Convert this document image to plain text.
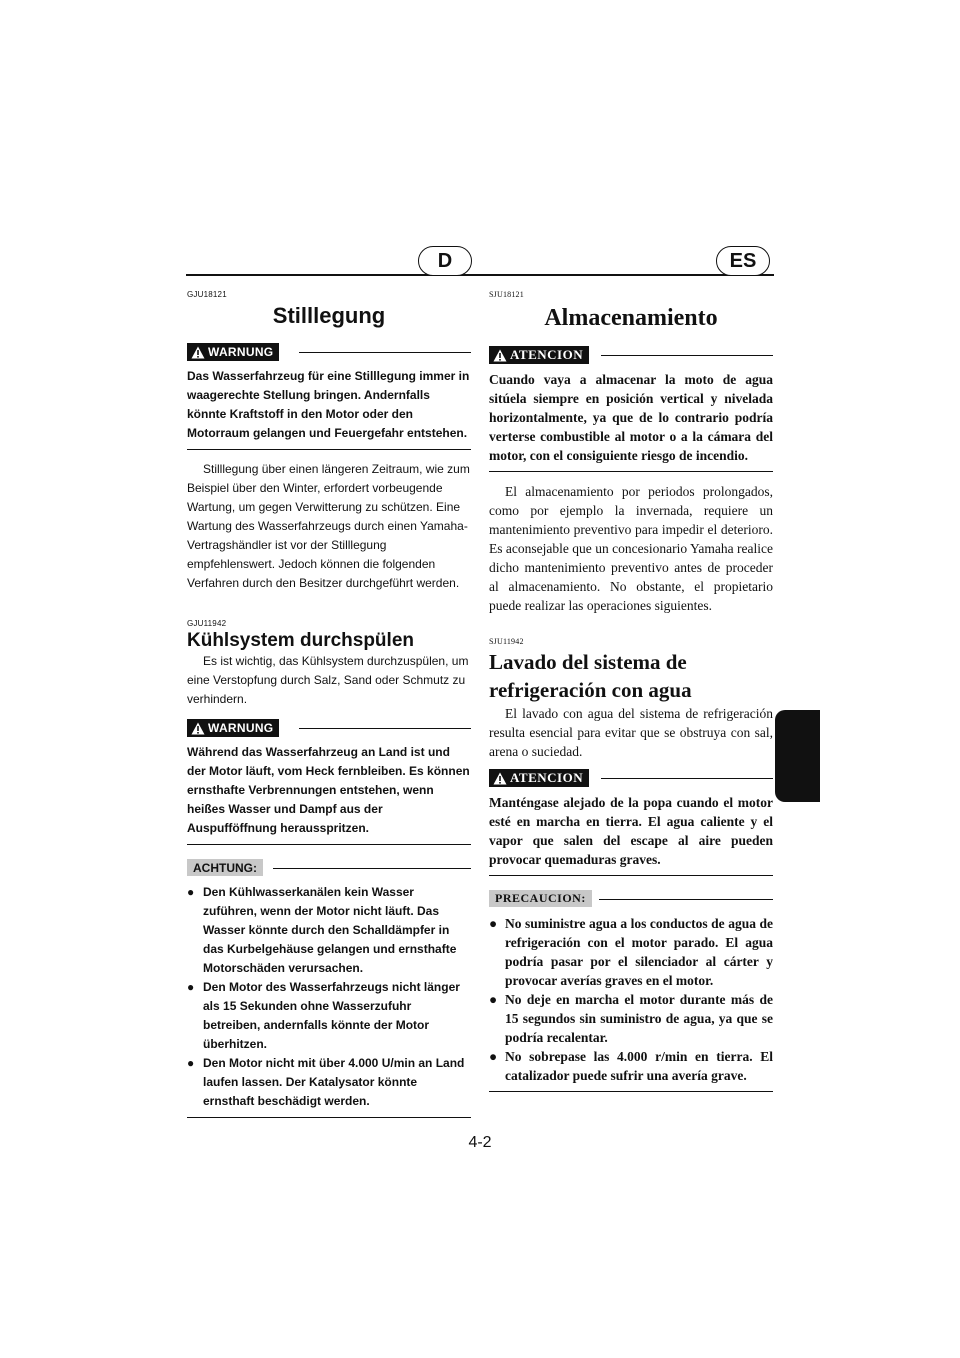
D	ES

GJU18121

Stilllegung
WARNUNG

Das Wasserfahrzeug für eine Stilllegung immer in waagerechte Stellung bringen. Andernfalls könnte Kraftstoff in den Motor oder den Motorraum gelangen und Feuergefahr entstehen.

Stilllegung über einen längeren Zeitraum, wie zum Beispiel über den Winter, erfordert vorbeugende Wartung, um gegen Verwitterung zu schützen. Eine Wartung des Wasserfahrzeugs durch einen Yamaha-Vertragshändler ist vor der Stilllegung empfehlenswert. Jedoch können die folgenden Verfahren durch den Besitzer durchgeführt werden.

GJU11942

Kühlsystem durchspülen

Es ist wichtig, das Kühlsystem durchzuspülen, um eine Verstopfung durch Salz, Sand oder Schmutz zu verhindern.

WARNUNG

Während das Wasserfahrzeug an Land ist und der Motor läuft, vom Heck fernbleiben. Es können ernsthafte Verbrennungen entstehen, wenn heißes Wasser und Dampf aus der Auspufföffnung herausspritzen.

ACHTUNG:
● Den Kühlwasserkanälen kein Wasser zuführen, wenn der Motor nicht läuft. Das Wasser könnte durch den Schalldämpfer in das Kurbelgehäuse gelangen und ernsthafte Motorschäden verursachen.
● Den Motor des Wasserfahrzeugs nicht länger als 15 Sekunden ohne Wasserzufuhr betreiben, andernfalls könnte der Motor überhitzen.
● Den Motor nicht mit über 4.000 U/min an Land laufen lassen. Der Katalysator könnte ernsthaft beschädigt werden.

SJU18121

Almacenamiento
ATENCION

Cuando vaya a almacenar la moto de agua sitúela siempre en posición vertical y nivelada horizontalmente, ya que de lo contrario podría verterse combustible al motor o a la cámara del motor, con el consiguiente riesgo de incendio.

El almacenamiento por periodos prolongados, como por ejemplo la invernada, requiere un mantenimiento preventivo para impedir el deterioro. Es aconsejable que un concesionario Yamaha realice dicho mantenimiento preventivo antes de proceder al almacenamiento. No obstante, el propietario puede realizar las operaciones siguientes.

SJU11942

Lavado del sistema de refrigeración con agua

El lavado con agua del sistema de refrigeración resulta esencial para evitar que se obstruya con sal, arena o suciedad.

ATENCION

Manténgase alejado de la popa cuando el motor esté en marcha en tierra. El agua caliente y el vapor que salen del escape al aire pueden provocar quemaduras graves.

PRECAUCION:
● No suministre agua a los conductos de agua de refrigeración con el motor parado. El agua podría pasar por el silenciador al cárter y provocar averías graves en el motor.
● No deje en marcha el motor durante más de 15 segundos sin suministro de agua, ya que se podría recalentar.
● No sobrepase las 4.000 r/min en tierra. El catalizador puede sufrir una avería grave.
4-2
